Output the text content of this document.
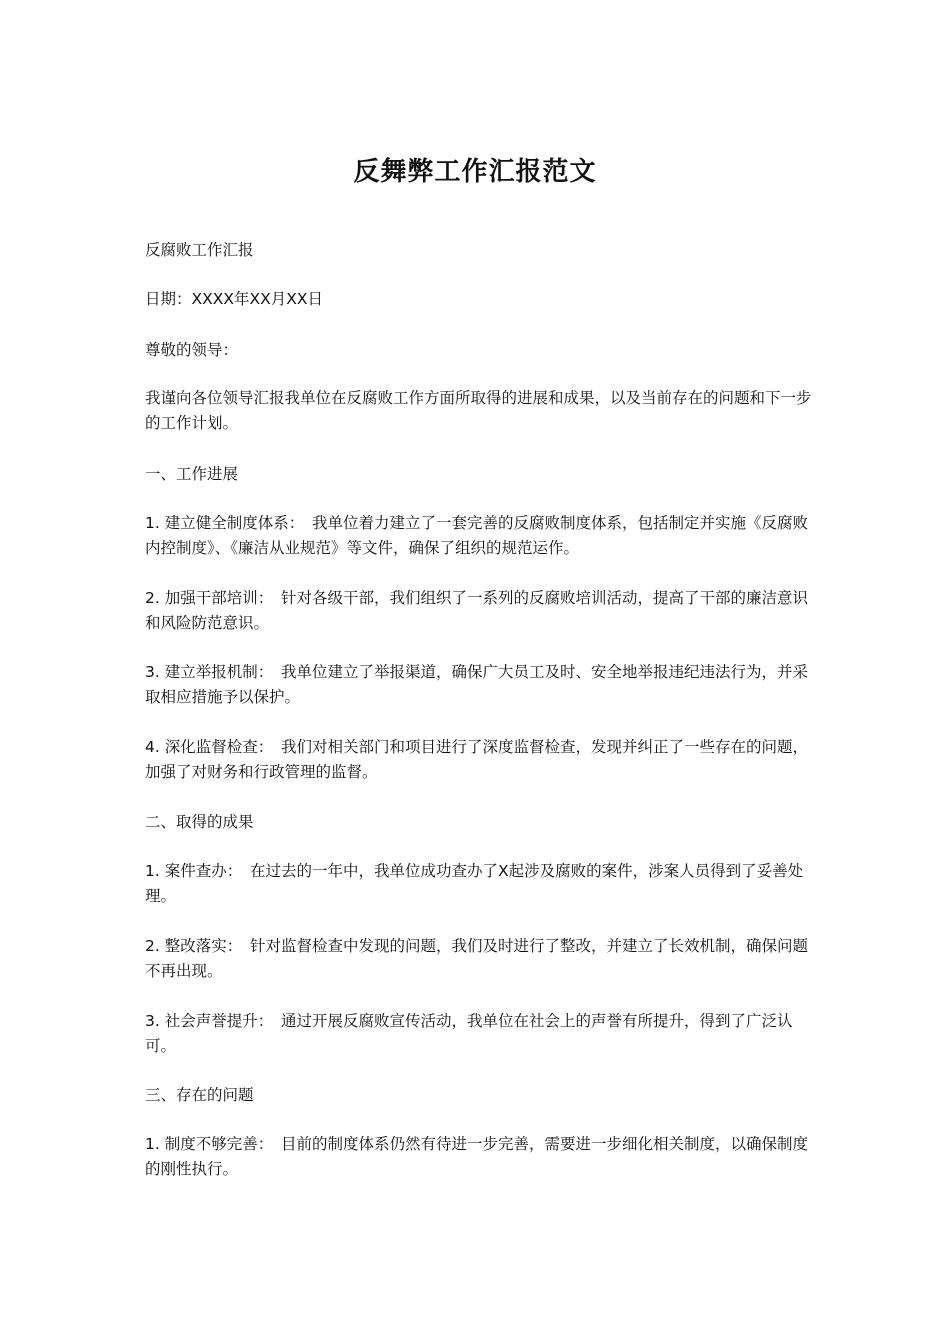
反舞弊工作汇报范文

反腐败工作汇报

日期：XXXX年XX月XX日

尊敬的领导：

我谨向各位领导汇报我单位在反腐败工作方面所取得的进展和成果，以及当前存在的问题和下一步的工作计划。

一、工作进展

1. 建立健全制度体系：　我单位着力建立了一套完善的反腐败制度体系，包括制定并实施《反腐败内控制度》、《廉洁从业规范》等文件，确保了组织的规范运作。

2. 加强干部培训：　针对各级干部，我们组织了一系列的反腐败培训活动，提高了干部的廉洁意识和风险防范意识。

3. 建立举报机制：　我单位建立了举报渠道，确保广大员工及时、安全地举报违纪违法行为，并采取相应措施予以保护。

4. 深化监督检查：　我们对相关部门和项目进行了深度监督检查，发现并纠正了一些存在的问题，加强了对财务和行政管理的监督。

二、取得的成果

1. 案件查办：　在过去的一年中，我单位成功查办了X起涉及腐败的案件，涉案人员得到了妥善处理。

2. 整改落实：　针对监督检查中发现的问题，我们及时进行了整改，并建立了长效机制，确保问题不再出现。

3. 社会声誉提升：　通过开展反腐败宣传活动，我单位在社会上的声誉有所提升，得到了广泛认可。

三、存在的问题

1. 制度不够完善：　目前的制度体系仍然有待进一步完善，需要进一步细化相关制度，以确保制度的刚性执行。
